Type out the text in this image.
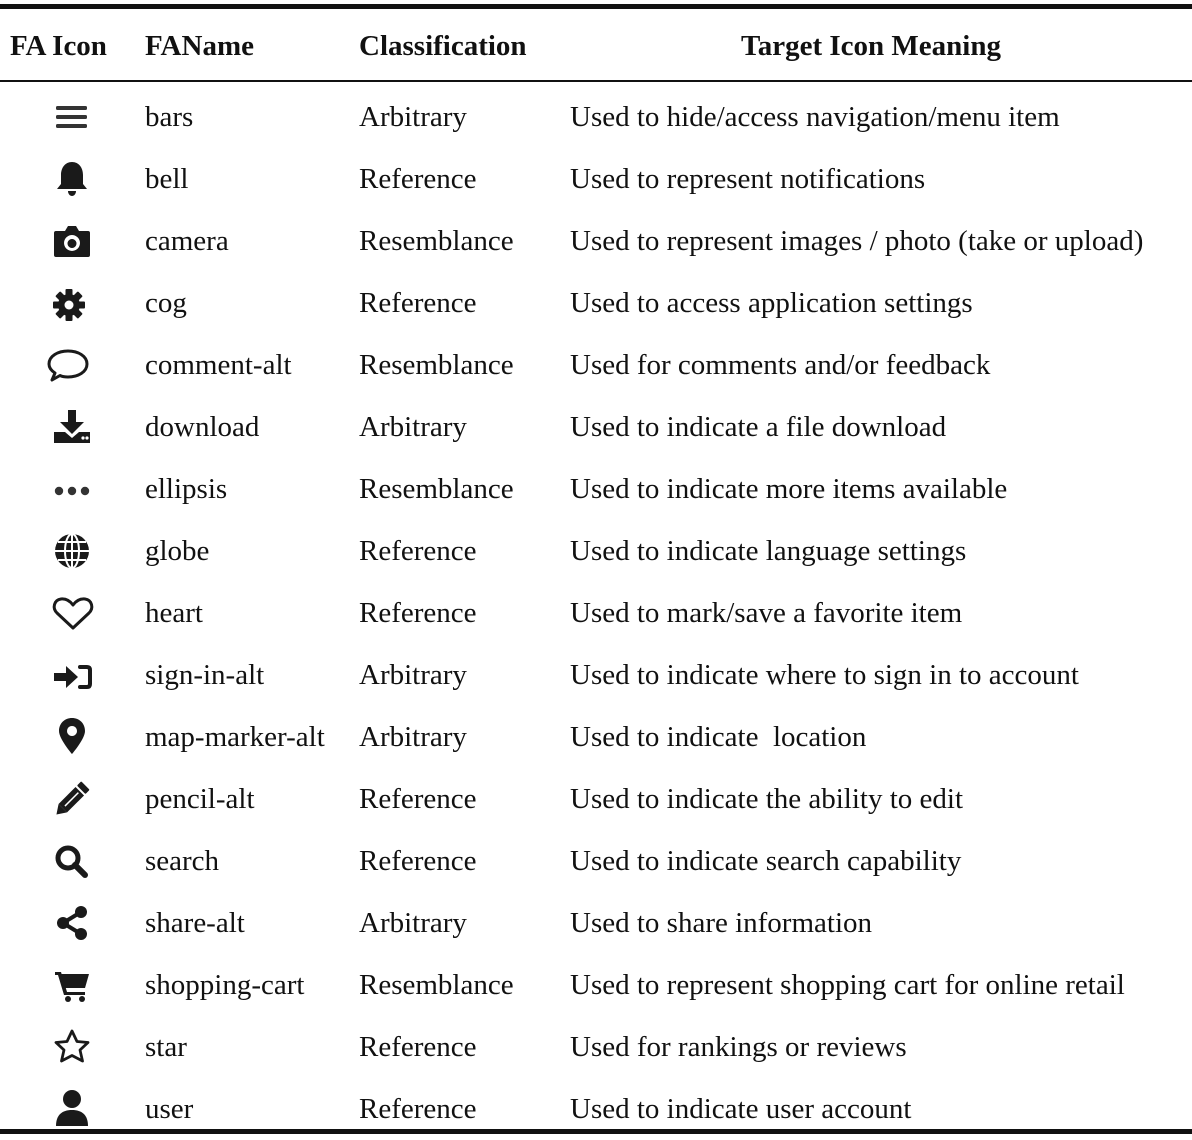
FA Icon FAName	Classification	Target Icon Meaning
bars	Arbitrary	Used to hide/access navigation/menu item
bell	Reference	Used to represent notifications
camera	Resemblance Used to represent images / photo (take or upload)
cog	Reference	Used to access application settings
comment-alt Resemblance Used for comments and/or feedback
download	Arbitrary	Used to indicate a file download
ellipsis	Resemblance Used to indicate more items available
globe	Reference	Used to indicate language settings
heart	Reference	Used to mark/save a favorite item
sign-in-alt	Arbitrary	Used to indicate where to sign in to account
map-marker-alt Arbitrary	Used to indicate  location
pencil-alt	Reference	Used to indicate the ability to edit
search	Reference	Used to indicate search capability
share-alt	Arbitrary	Used to share information
shopping-cart Resemblance Used to represent shopping cart for online retail
star	Reference	Used for rankings or reviews
user	Reference	Used to indicate user account
